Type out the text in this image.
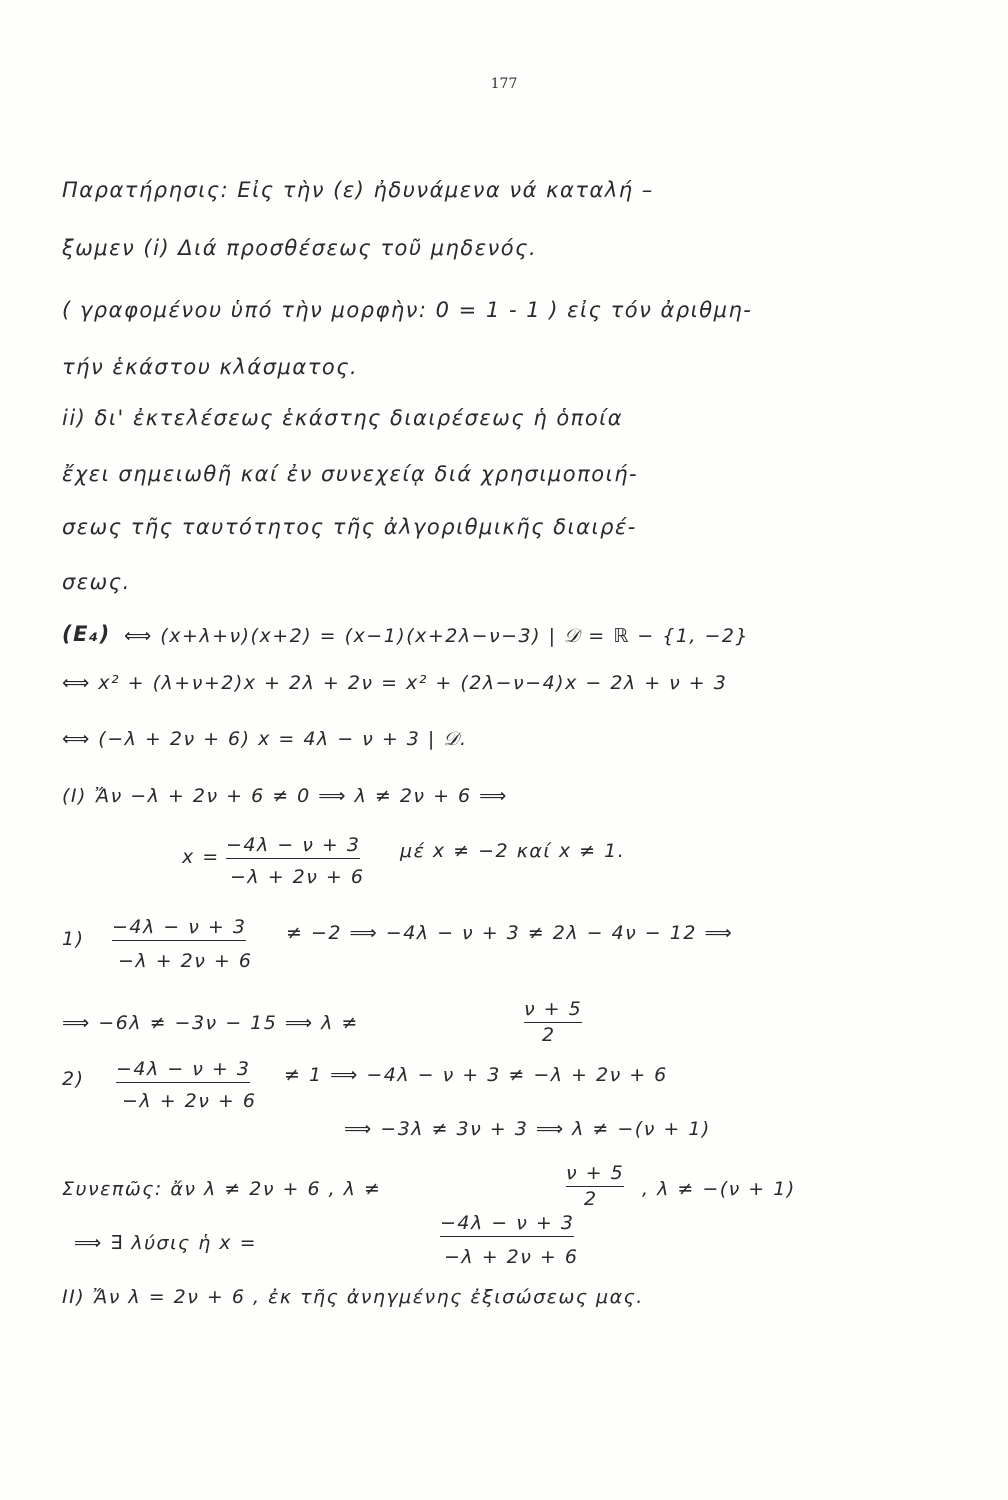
177
Παρατήρησις: Εἰς τὴν (ε) ἠδυνάμενα νά καταλή –
ξωμεν (i) Διά προσθέσεως τοῦ μηδενός.
( γραφομένου ὑπό τὴν μορφὴν: 0 = 1 - 1 ) εἰς τόν ἀριθμη-
τήν ἑκάστου κλάσματος.
ii) δι' ἐκτελέσεως ἑκάστης διαιρέσεως ἡ ὁποία
ἔχει σημειωθῆ καί ἐν συνεχείᾳ διά χρησιμοποιή-
σεως τῆς ταυτότητος τῆς ἀλγοριθμικῆς διαιρέ-
σεως.
(E₄) ⟺ (x+λ+ν)(x+2) = (x−1)(x+2λ−ν−3) | 𝒟 = ℝ − {1, −2}
⟺ x² + (λ+ν+2)x + 2λ + 2ν = x² + (2λ−ν−4)x − 2λ + ν + 3
⟺ (−λ + 2ν + 6) x = 4λ − ν + 3 | 𝒟.
(I) Ἄν −λ + 2ν + 6 ≠ 0 ⟹ λ ≠ 2ν + 6 ⟹
x =
−4λ − ν + 3
−λ + 2ν + 6
μέ x ≠ −2 καί x ≠ 1.
1)
−4λ − ν + 3
−λ + 2ν + 6
≠ −2 ⟹ −4λ − ν + 3 ≠ 2λ − 4ν − 12 ⟹
⟹ −6λ ≠ −3ν − 15 ⟹ λ ≠
ν + 5
2
2) −4λ − ν + 3
−λ + 2ν + 6
≠ 1 ⟹ −4λ − ν + 3 ≠ −λ + 2ν + 6
⟹ −3λ ≠ 3ν + 3 ⟹ λ ≠ −(ν + 1)
Συνεπῶς: ἄν λ ≠ 2ν + 6 , λ ≠
ν + 5
2 , λ ≠ −(ν + 1)
⟹ ∃ λύσις ἡ x =
−4λ − ν + 3
−λ + 2ν + 6
II) Ἄν λ = 2ν + 6 , ἐκ τῆς ἀνηγμένης ἐξισώσεως μας.
